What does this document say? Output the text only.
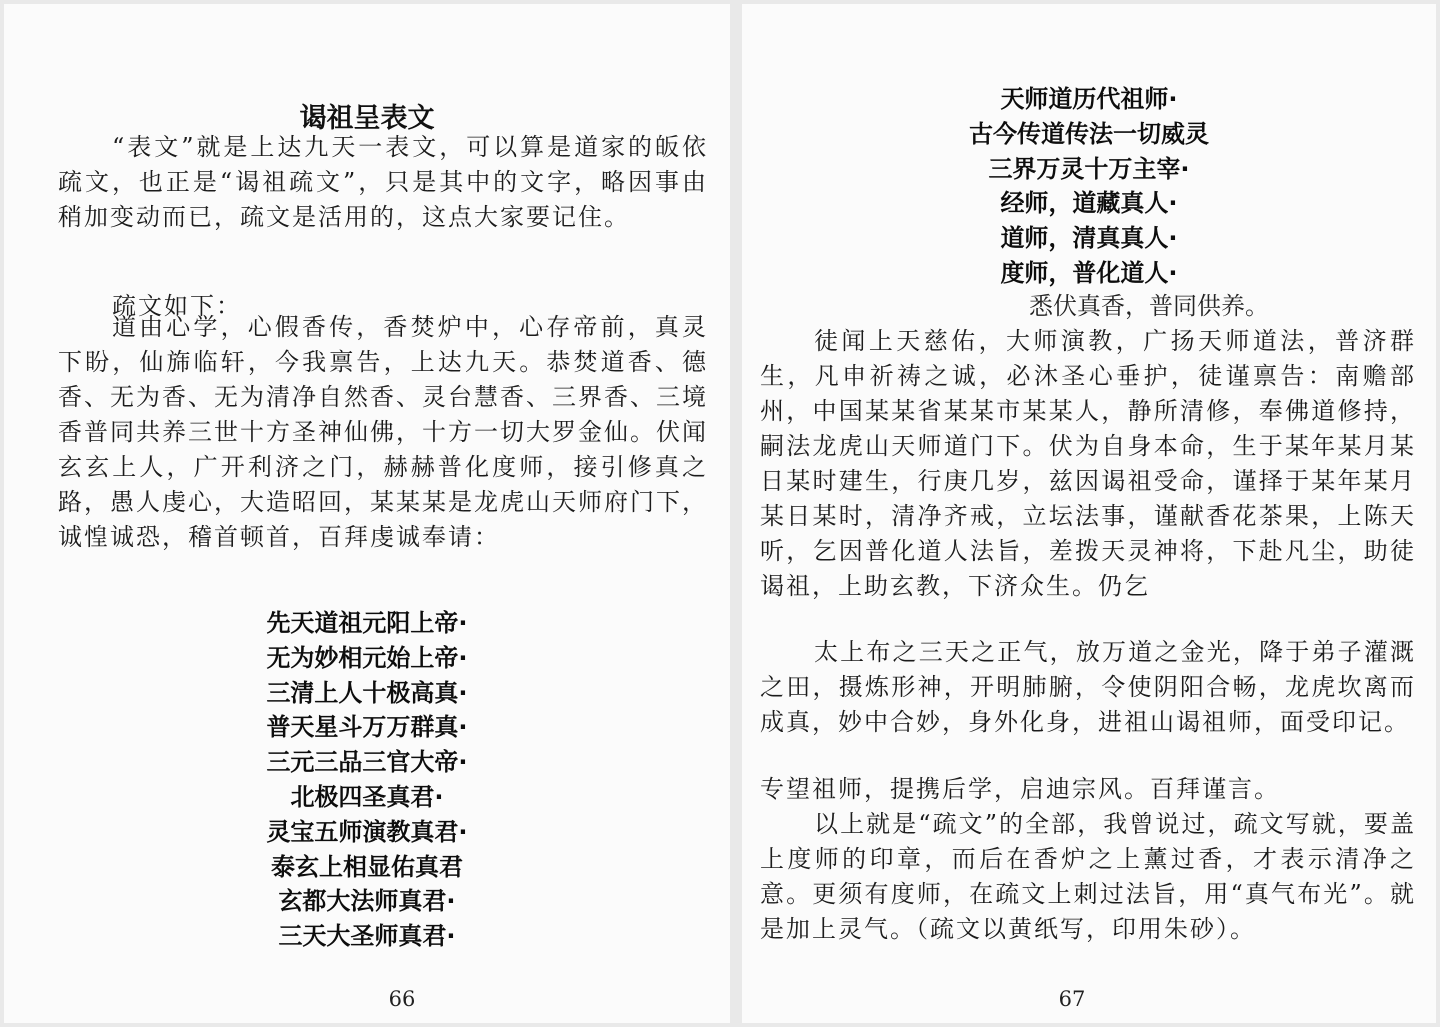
谒祖呈表文

“表文”就是上达九天一表文，可以算是道家的皈依疏文，也正是“谒祖疏文”，只是其中的文字，略因事由稍加变动而已，疏文是活用的，这点大家要记住。

疏文如下：

道由心学，心假香传，香焚炉中，心存帝前，真灵下盼，仙旆临轩，今我禀告，上达九天。恭焚道香、德香、无为香、无为清净自然香、灵台慧香、三界香、三境香普同共养三世十方圣神仙佛，十方一切大罗金仙。伏闻玄玄上人，广开利济之门，赫赫普化度师，接引修真之路，愚人虔心，大造昭回，某某某是龙虎山天师府门下，诚惶诚恐，稽首顿首，百拜虔诚奉请：

先天道祖元阳上帝·
无为妙相元始上帝·
三清上人十极高真·
普天星斗万万群真·
三元三品三官大帝·
北极四圣真君·
灵宝五师演教真君·
泰玄上相显佑真君
玄都大法师真君·
三天大圣师真君·
66
天师道历代祖师·
古今传道传法一切威灵
三界万灵十万主宰·
经师，道藏真人·
道师，清真真人·
度师，普化道人·
悉伏真香，普同供养。

徒闻上天慈佑，大师演教，广扬天师道法，普济群生，凡申祈祷之诚，必沐圣心垂护，徒谨禀告：南赡部州，中国某某省某某市某某人，静所清修，奉佛道修持，嗣法龙虎山天师道门下。伏为自身本命，生于某年某月某日某时建生，行庚几岁，兹因谒祖受命，谨择于某年某月某日某时，清净齐戒，立坛法事，谨献香花茶果，上陈天听，乞因普化道人法旨，差拨天灵神将，下赴凡尘，助徒谒祖，上助玄教，下济众生。仍乞

太上布之三天之正气，放万道之金光，降于弟子灌溉之田，摄炼形神，开明肺腑，令使阴阳合畅，龙虎坎离而成真，妙中合妙，身外化身，进祖山谒祖师，面受印记。

专望祖师，提携后学，启迪宗风。百拜谨言。

以上就是“疏文”的全部，我曾说过，疏文写就，要盖上度师的印章，而后在香炉之上薰过香，才表示清净之意。更须有度师，在疏文上刺过法旨，用“真气布光”。就是加上灵气。（疏文以黄纸写，印用朱砂）。

67
